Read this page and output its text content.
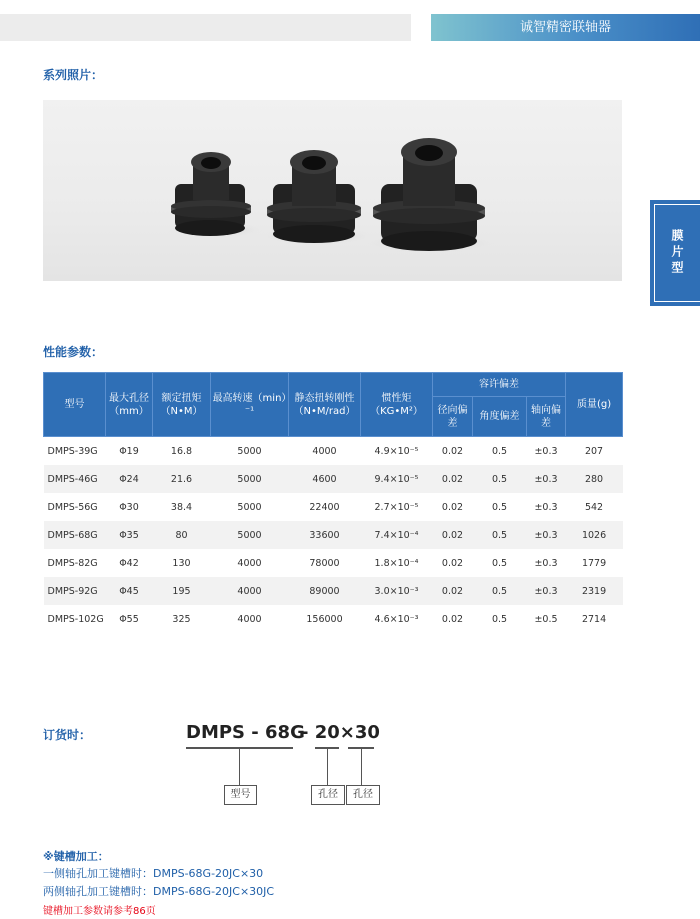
诚智精密联轴器
系列照片：
膜片型
性能参数：
型号	最大孔径（mm）	额定扭矩（N•M）	最高转速（min）⁻¹	静态扭转刚性（N•M/rad）	惯性矩（KG•M²）	容许偏差			质量(g)
						径向偏差	角度偏差	轴向偏差	
DMPS-39G	Φ19	16.8	5000	4000	4.9×10⁻⁵	0.02	0.5	±0.3	207
DMPS-46G	Φ24	21.6	5000	4600	9.4×10⁻⁵	0.02	0.5	±0.3	280
DMPS-56G	Φ30	38.4	5000	22400	2.7×10⁻⁵	0.02	0.5	±0.3	542
DMPS-68G	Φ35	80	5000	33600	7.4×10⁻⁴	0.02	0.5	±0.3	1026
DMPS-82G	Φ42	130	4000	78000	1.8×10⁻⁴	0.02	0.5	±0.3	1779
DMPS-92G	Φ45	195	4000	89000	3.0×10⁻³	0.02	0.5	±0.3	2319
DMPS-102G	Φ55	325	4000	156000	4.6×10⁻³	0.02	0.5	±0.5	2714
订货时：	DMPS - 68G
- 20×30
型号	孔径	孔径
※键槽加工：
一侧轴孔加工键槽时：DMPS-68G-20JC×30
两侧轴孔加工键槽时：DMPS-68G-20JC×30JC
键槽加工参数请参考86页
